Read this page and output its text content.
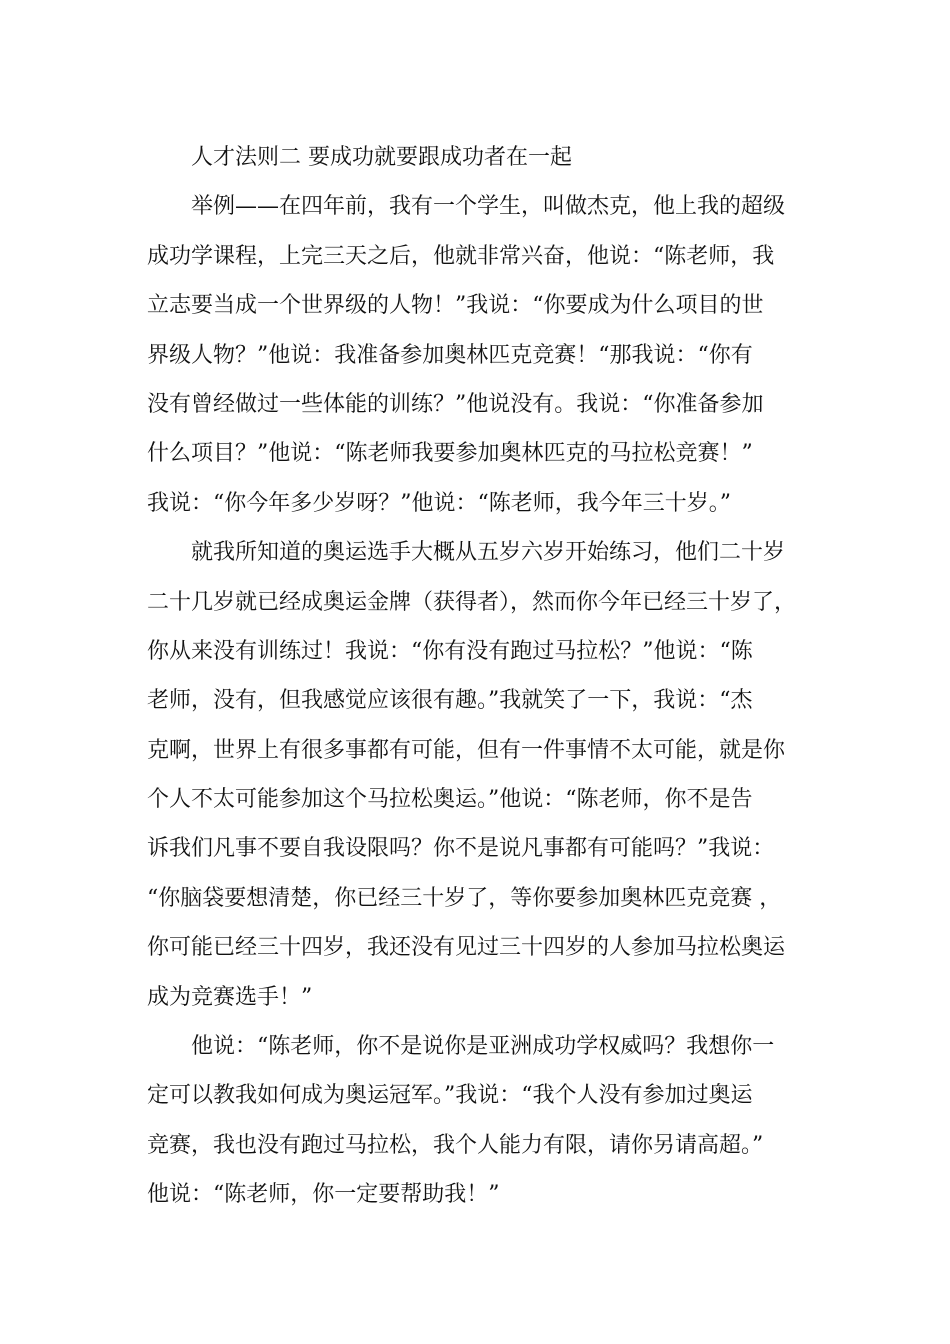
人才法则二 要成功就要跟成功者在一起
举例——在四年前，我有一个学生，叫做杰克，他上我的超级
成功学课程，上完三天之后，他就非常兴奋，他说：“陈老师，我
立志要当成一个世界级的人物！”我说：“你要成为什么项目的世
界级人物？”他说：我准备参加奥林匹克竞赛！“那我说：“你有
没有曾经做过一些体能的训练？”他说没有。我说：“你准备参加
什么项目？”他说：“陈老师我要参加奥林匹克的马拉松竞赛！”
我说：“你今年多少岁呀？”他说：“陈老师，我今年三十岁。”
就我所知道的奥运选手大概从五岁六岁开始练习，他们二十岁
二十几岁就已经成奥运金牌（获得者），然而你今年已经三十岁了，
你从来没有训练过！我说：“你有没有跑过马拉松？”他说：“陈
老师，没有，但我感觉应该很有趣。”我就笑了一下，我说：“杰
克啊，世界上有很多事都有可能，但有一件事情不太可能，就是你
个人不太可能参加这个马拉松奥运。”他说：“陈老师，你不是告
诉我们凡事不要自我设限吗？你不是说凡事都有可能吗？”我说：
“你脑袋要想清楚，你已经三十岁了，等你要参加奥林匹克竞赛 ，
你可能已经三十四岁，我还没有见过三十四岁的人参加马拉松奥运
成为竞赛选手！”
他说：“陈老师，你不是说你是亚洲成功学权威吗？我想你一
定可以教我如何成为奥运冠军。”我说：“我个人没有参加过奥运
竞赛，我也没有跑过马拉松，我个人能力有限，请你另请高超。”
他说：“陈老师，你一定要帮助我！”
